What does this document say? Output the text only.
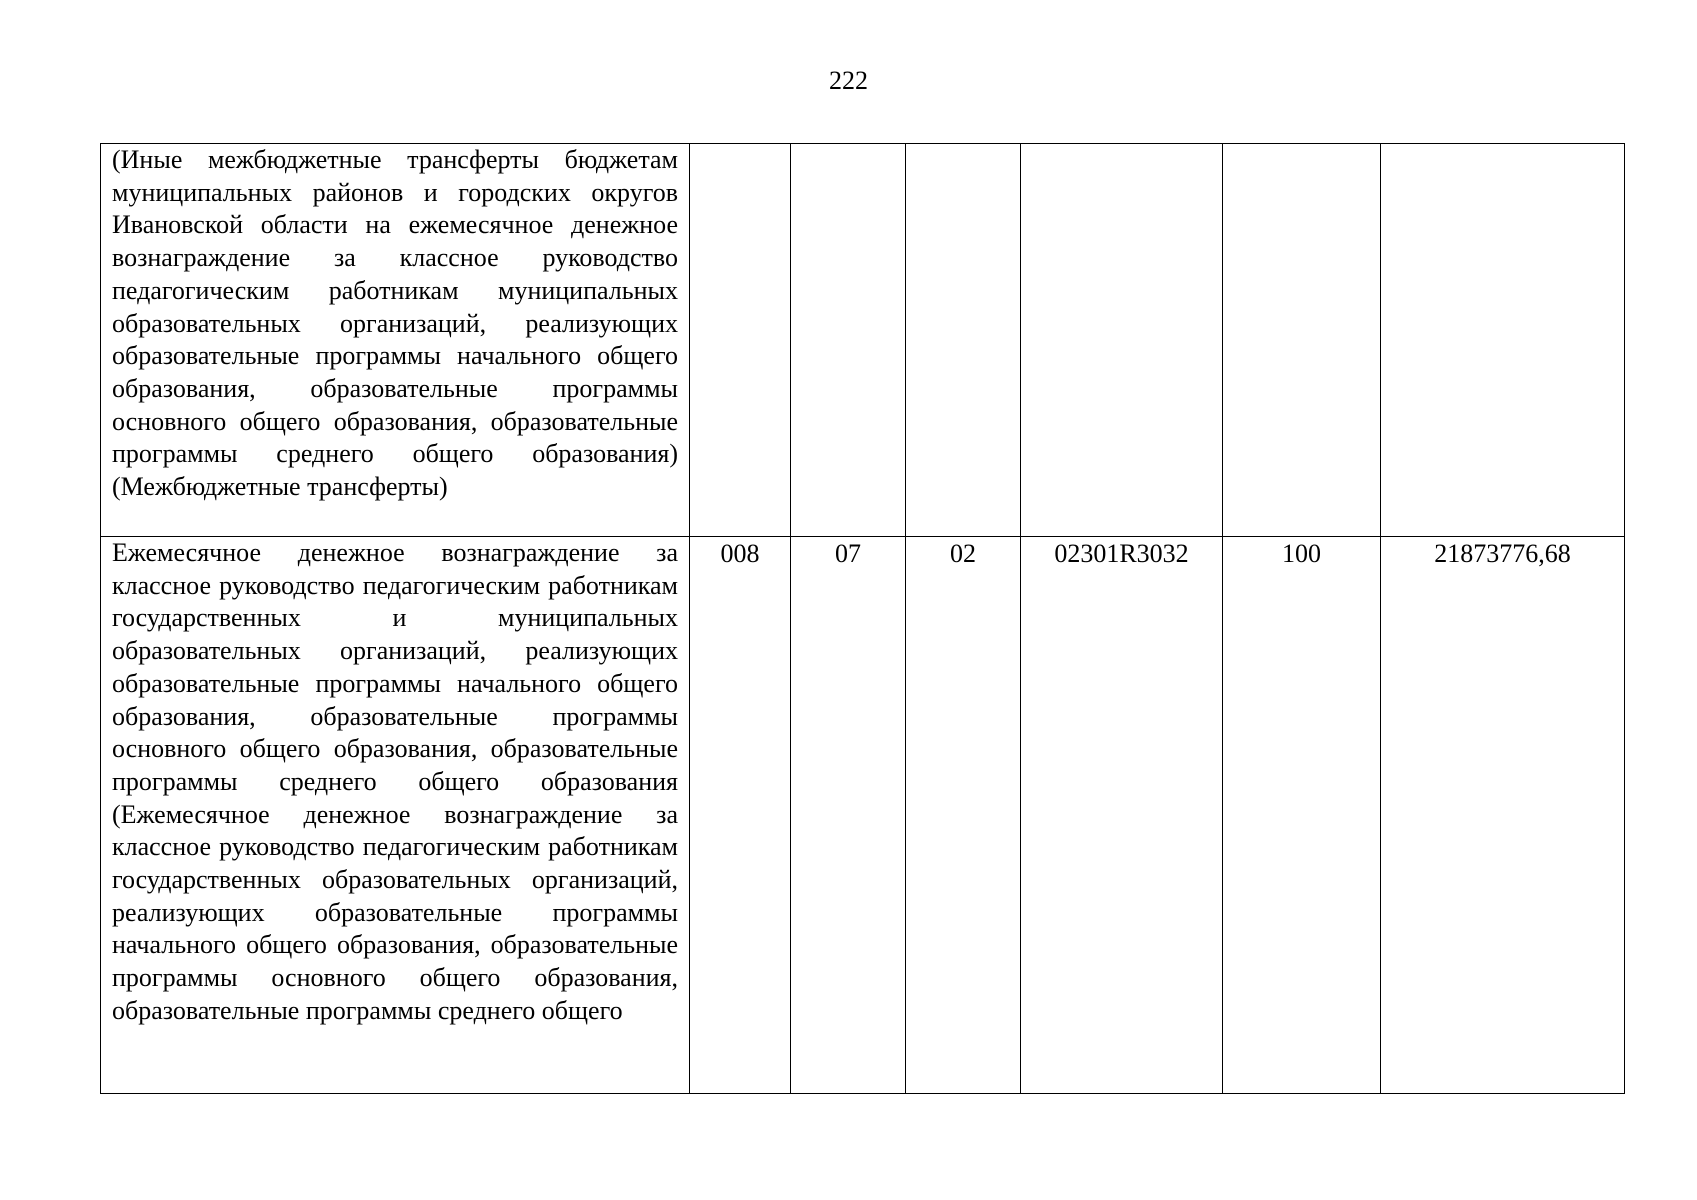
222
(Иные межбюджетные трансферты бюджетам муниципальных районов и городских округов Ивановской области на ежемесячное денежное вознаграждение за классное руководство педагогическим работникам муниципальных образовательных организаций, реализующих образовательные программы начального общего образования, образовательные программы основного общего образования, образовательные программы среднего общего образования) (Межбюджетные трансферты)						

Ежемесячное денежное вознаграждение за классное руководство педагогическим работникам государственных и муниципальных образовательных организаций, реализующих образовательные программы начального общего образования, образовательные программы основного общего образования, образовательные программы среднего общего образования (Ежемесячное денежное вознаграждение за классное руководство педагогическим работникам государственных образовательных организаций, реализующих образовательные программы начального общего образования, образовательные программы основного общего образования, образовательные программы среднего общего	008	07	02	02301R3032	100	21873776,68
